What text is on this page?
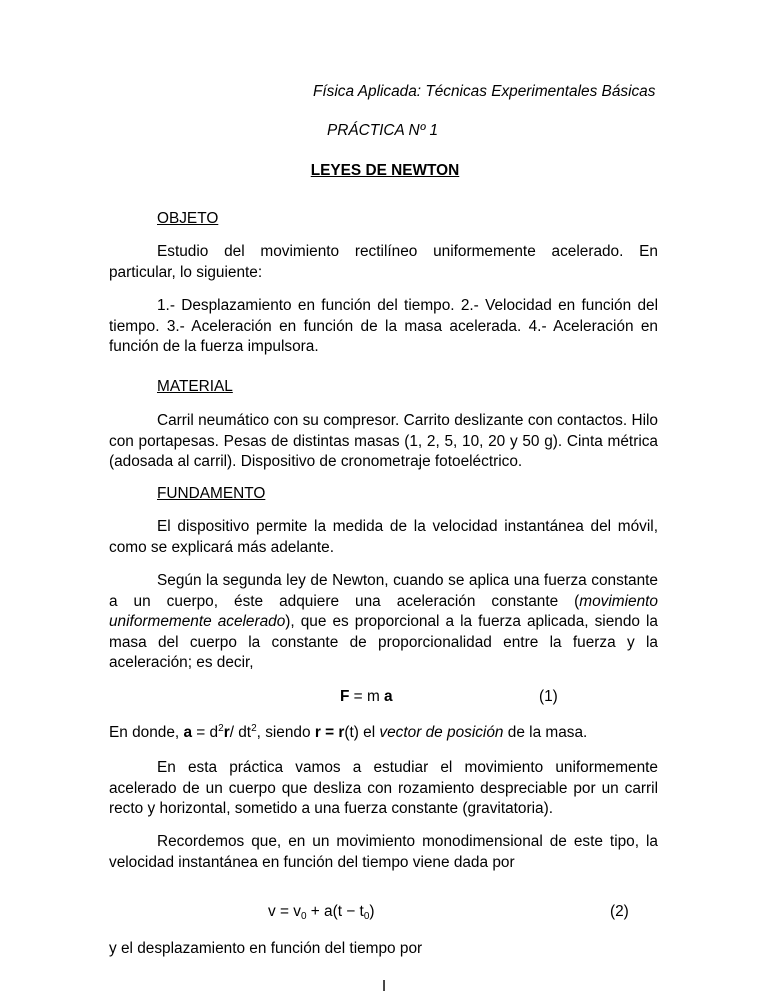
Física Aplicada: Técnicas Experimentales Básicas
PRÁCTICA Nº 1
LEYES DE NEWTON
OBJETO
Estudio del movimiento rectilíneo uniformemente acelerado. En particular, lo siguiente:
1.- Desplazamiento en función del tiempo. 2.- Velocidad en función del tiempo. 3.- Aceleración en función de la masa acelerada. 4.- Aceleración en función de la fuerza impulsora.
MATERIAL
Carril neumático con su compresor. Carrito deslizante con contactos. Hilo con portapesas. Pesas de distintas masas (1, 2, 5, 10, 20 y 50 g). Cinta métrica (adosada al carril). Dispositivo de cronometraje fotoeléctrico.
FUNDAMENTO
El dispositivo permite la medida de la velocidad instantánea del móvil, como se explicará más adelante.
Según la segunda ley de Newton, cuando se aplica una fuerza constante a un cuerpo, éste adquiere una aceleración constante (movimiento uniformemente acelerado), que es proporcional a la fuerza aplicada, siendo la masa del cuerpo la constante de proporcionalidad entre la fuerza y la aceleración; es decir,
F = m a	(1)
En donde, $a = d^2r/$ $dt^2$, siendo r = r(t) el vector de posición de la masa.
En esta práctica vamos a estudiar el movimiento uniformemente acelerado de un cuerpo que desliza con rozamiento despreciable por un carril recto y horizontal, sometido a una fuerza constante (gravitatoria).
Recordemos que, en un movimiento monodimensional de este tipo, la velocidad instantánea en función del tiempo viene dada por
$v = v_0 + a(t - t_0)$	(2)
y el desplazamiento en función del tiempo por
I
